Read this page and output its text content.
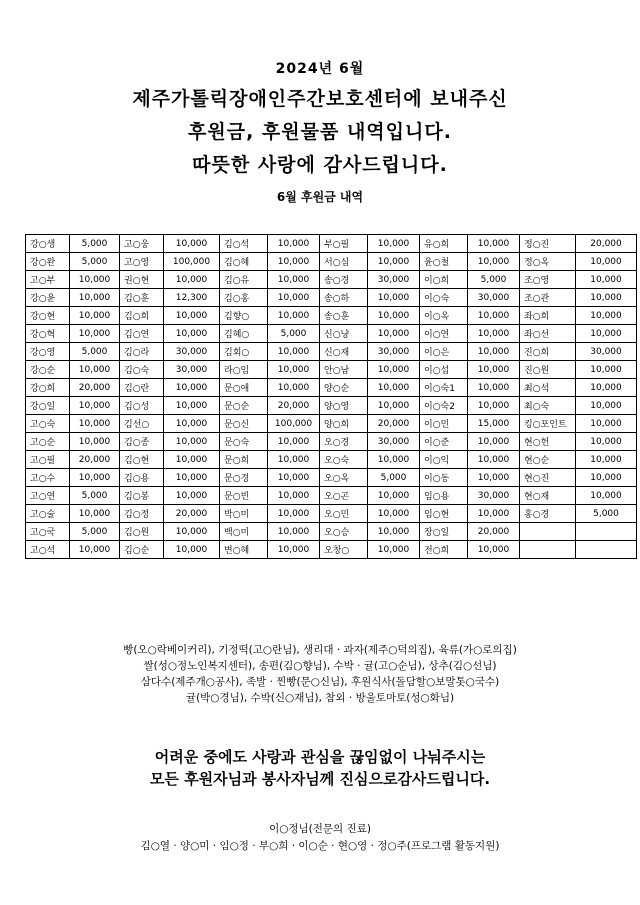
2024년 6월
제주가톨릭장애인주간보호센터에 보내주신
후원금, 후원물품 내역입니다.
따뜻한 사랑에 감사드립니다.
6월 후원금 내역
강○생	5,000	고○웅	10,000	김○석	10,000	부○필	10,000	유○희	10,000	정○진	20,000
강○완	5,000	고○영	100,000	김○혜	10,000	서○심	10,000	윤○철	10,000	정○옥	10,000
고○부	10,000	권○현	10,000	김○유	10,000	송○경	30,000	이○희	5,000	조○영	10,000
강○윤	10,000	김○훈	12,300	김○홍	10,000	송○하	10,000	이○숙	30,000	조○관	10,000
강○현	10,000	김○희	10,000	김향○	10,000	송○훈	10,000	이○옥	10,000	좌○희	10,000
강○혁	10,000	김○연	10,000	김혜○	5,000	신○냥	10,000	이○연	10,000	좌○선	10,000
강○영	5,000	김○라	30,000	김회○	10,000	신○재	30,000	이○은	10,000	진○희	30,000
강○순	10,000	김○숙	30,000	라○임	10,000	안○남	10,000	이○섭	10,000	진○원	10,000
강○희	20,000	김○란	10,000	문○애	10,000	양○순	10,000	이○숙1	10,000	최○석	10,000
강○일	10,000	김○성	10,000	문○순	20,000	양○영	10,000	이○숙2	10,000	최○숙	10,000
고○숙	10,000	김선○	10,000	문○신	100,000	양○희	20,000	이○민	15,000	킹○포인트	10,000
고○순	10,000	김○종	10,000	문○숙	10,000	오○경	30,000	이○준	10,000	현○헌	10,000
고○필	20,000	김○현	10,000	문○희	10,000	오○숙	10,000	이○익	10,000	현○순	10,000
고○수	10,000	김○용	10,000	문○경	10,000	오○옥	5,000	이○동	10,000	현○진	10,000
고○연	5,000	김○봉	10,000	문○빈	10,000	오○곤	10,000	임○용	30,000	현○재	10,000
고○술	10,000	김○정	20,000	박○미	10,000	오○민	10,000	임○현	10,000	홍○경	5,000
고○국	5,000	김○원	10,000	백○미	10,000	오○승	10,000	장○일	20,000		
고○석	10,000	김○순	10,000	변○혜	10,000	오창○	10,000	전○희	10,000		
빵(오○락베이커리), 기정떡(고○란님), 생리대 · 과자(제주○덕의집), 육류(가○로의집)
쌀(성○정노인복지센터), 송편(김○향님), 수박 · 귤(고○순님), 상추(김○선님)
삼다수(제주개○공사), 족발 · 찐빵(문○신님), 후원식사(돌담할○보말톳○국수)
귤(박○경님), 수박(신○재님), 참외 · 방울토마토(성○화님)
어려운 중에도 사랑과 관심을 끊임없이 나눠주시는
모든 후원자님과 봉사자님께 진심으로감사드립니다.
이○정님(전문의 진료)
김○열 · 양○미 · 임○정 · 부○희 · 이○순 · 현○영 · 정○주(프로그램 활동지원)
